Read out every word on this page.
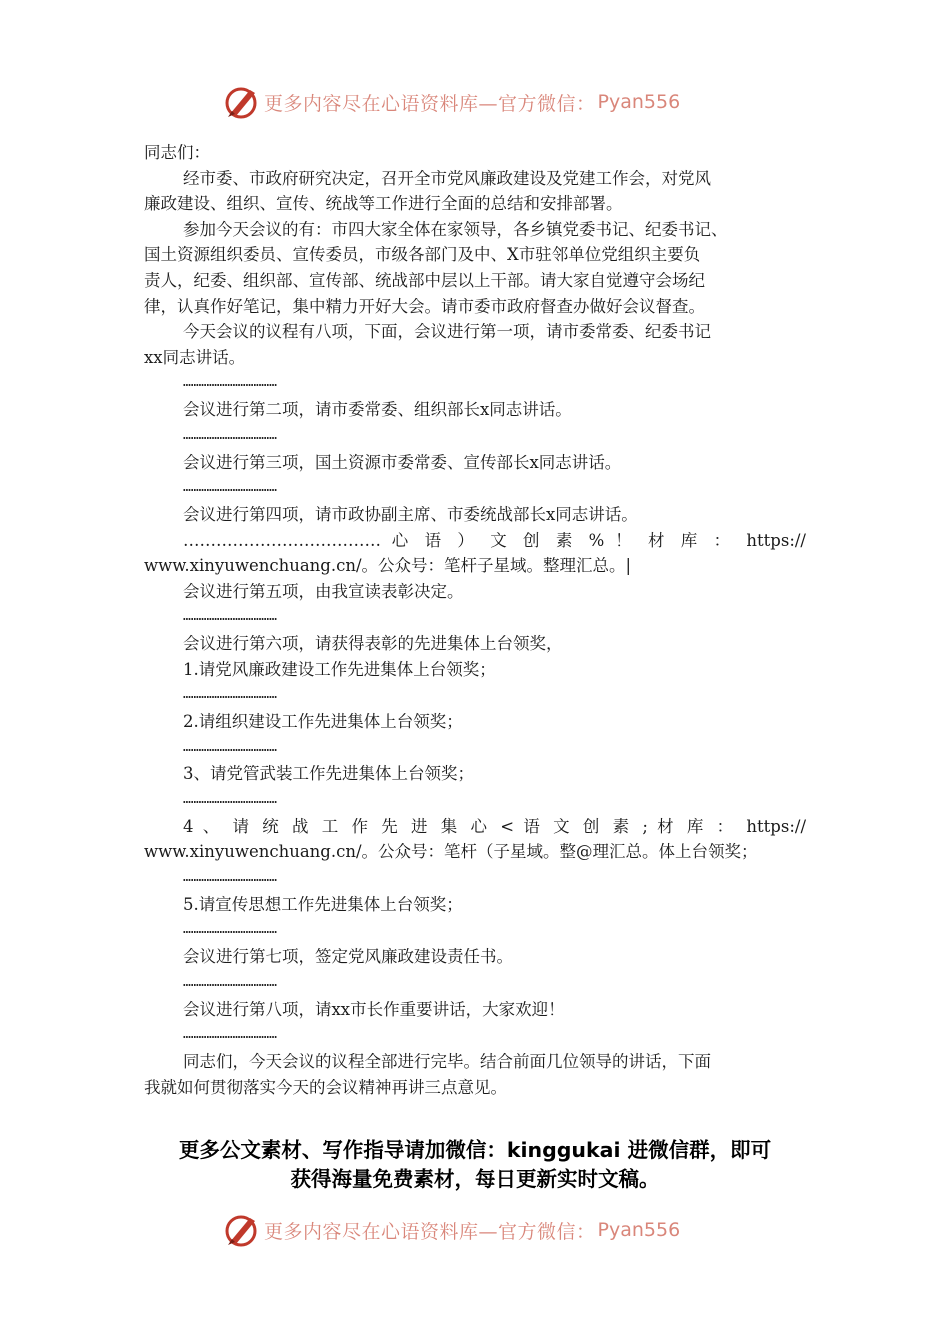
更多内容尽在心语资料库—官方微信： Pyan556
同志们：
经市委、市政府研究决定，召开全市党风廉政建设及党建工作会，对党风
廉政建设、组织、宣传、统战等工作进行全面的总结和安排部署。
参加今天会议的有：市四大家全体在家领导，各乡镇党委书记、纪委书记、
国土资源组织委员、宣传委员，市级各部门及中、X市驻邻单位党组织主要负
责人，纪委、组织部、宣传部、统战部中层以上干部。请大家自觉遵守会场纪
律，认真作好笔记，集中精力开好大会。请市委市政府督查办做好会议督查。
今天会议的议程有八项，下面，会议进行第一项，请市委常委、纪委书记
xx同志讲话。
………………………………
会议进行第二项，请市委常委、组织部长x同志讲话。
………………………………
会议进行第三项，国土资源市委常委、宣传部长x同志讲话。
………………………………
会议进行第四项，请市政协副主席、市委统战部长x同志讲话。
……………………………… 心 语 ） 文 创 素 % ！ 材 库 ： https://
www.xinyuwenchuang.cn/。公众号：笔杆子星域。整理汇总。|
会议进行第五项，由我宣读表彰决定。
………………………………
会议进行第六项，请获得表彰的先进集体上台领奖，
1.请党风廉政建设工作先进集体上台领奖；
………………………………
2.请组织建设工作先进集体上台领奖；
………………………………
3、请党管武装工作先进集体上台领奖；
………………………………
4 、 请 统 战 工 作 先 进 集 心 < 语 文 创 素 ; 材 库 ： https://
www.xinyuwenchuang.cn/。公众号：笔杆（子星域。整@理汇总。体上台领奖；
………………………………
5.请宣传思想工作先进集体上台领奖；
………………………………
会议进行第七项，签定党风廉政建设责任书。
………………………………
会议进行第八项，请xx市长作重要讲话，大家欢迎！
………………………………
同志们，今天会议的议程全部进行完毕。结合前面几位领导的讲话，下面
我就如何贯彻落实今天的会议精神再讲三点意见。
更多公文素材、写作指导请加微信：kinggukai 进微信群，即可
获得海量免费素材，每日更新实时文稿。
更多内容尽在心语资料库—官方微信： Pyan556
